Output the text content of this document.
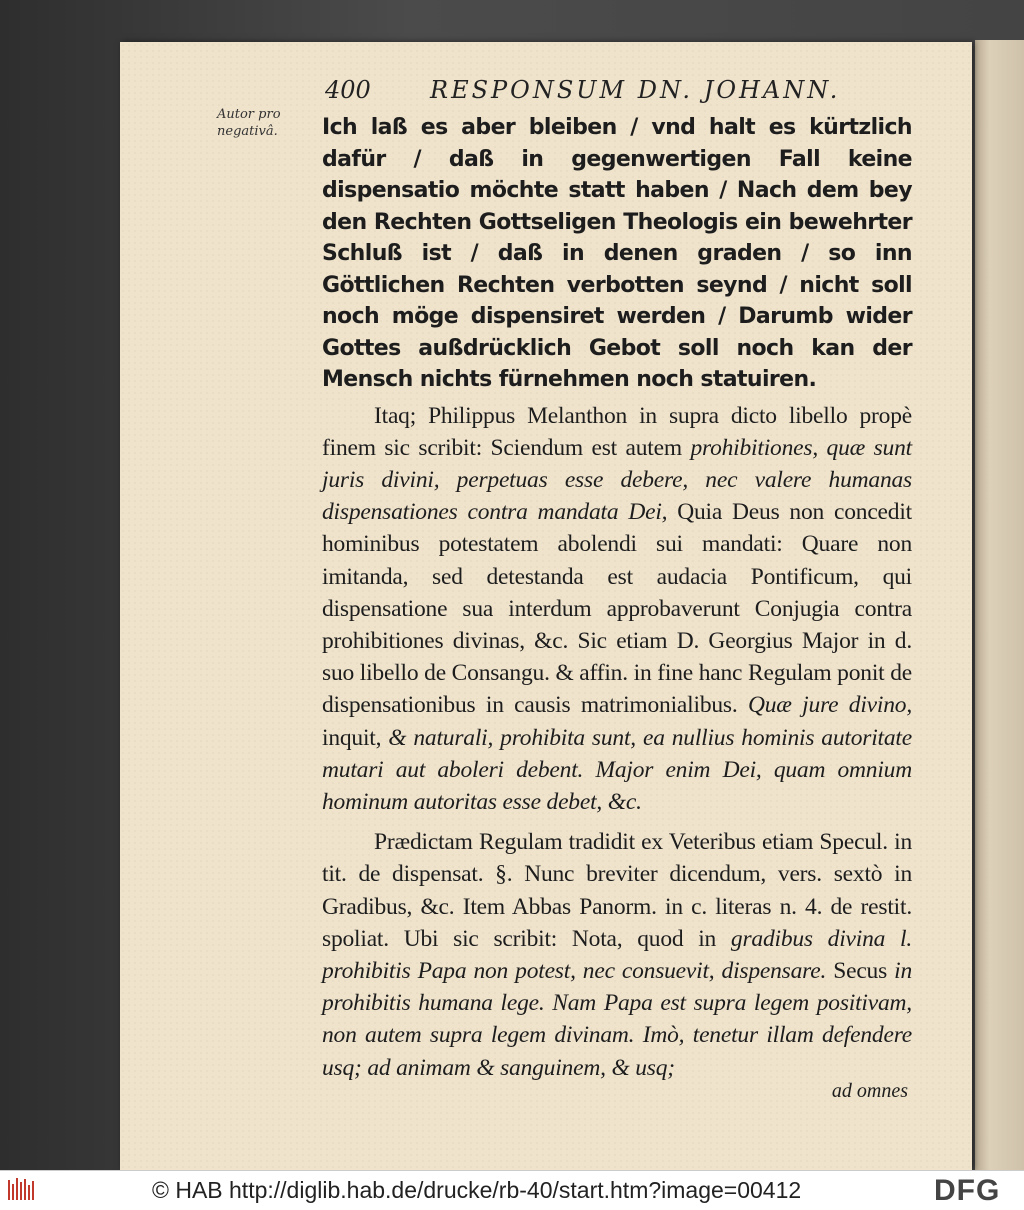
400 RESPONSUM DN. JOHANN.
Autor pro negativâ.	Ich laß es aber bleiben / vnd halt es kürtzlich dafür / daß in gegenwertigen Fall keine dispensatio möchte statt haben / Nach dem bey den Rechten Gottseligen Theologis ein bewehrter Schluß ist / daß in denen graden / so inn Göttlichen Rechten verbotten seynd / nicht soll noch möge dispensiret werden / Darumb wider Gottes außdrücklich Gebot soll noch kan der Mensch nichts fürnehmen noch statuiren.

Itaq; Philippus Melanthon in supra dicto libello propè finem sic scribit: Sciendum est autem prohibitiones, quæ sunt juris divini, perpetuas esse debere, nec valere humanas dispensationes contra mandata Dei, Quia Deus non concedit hominibus potestatem abolendi sui mandati: Quare non imitanda, sed detestanda est audacia Pontificum, qui dispensatione sua interdum approbaverunt Conjugia contra prohibitiones divinas, &c. Sic etiam D. Georgius Major in d. suo libello de Consangu. & affin. in fine hanc Regulam ponit de dispensationibus in causis matrimonialibus. Quæ jure divino, inquit, & naturali, prohibita sunt, ea nullius hominis autoritate mutari aut aboleri debent. Major enim Dei, quam omnium hominum autoritas esse debet, &c.

Prædictam Regulam tradidit ex Veteribus etiam Specul. in tit. de dispensat. §. Nunc breviter dicendum, vers. sextò in Gradibus, &c. Item Abbas Panorm. in c. literas n. 4. de restit. spoliat. Ubi sic scribit: Nota, quod in gradibus divina l. prohibitis Papa non potest, nec consuevit, dispensare. Secus in prohibitis humana lege. Nam Papa est supra legem positivam, non autem supra legem divinam. Imò, tenetur illam defendere usq; ad animam & sanguinem, & usq;

ad omnes
© HAB http://diglib.hab.de/drucke/rb-40/start.htm?image=00412	DFG
